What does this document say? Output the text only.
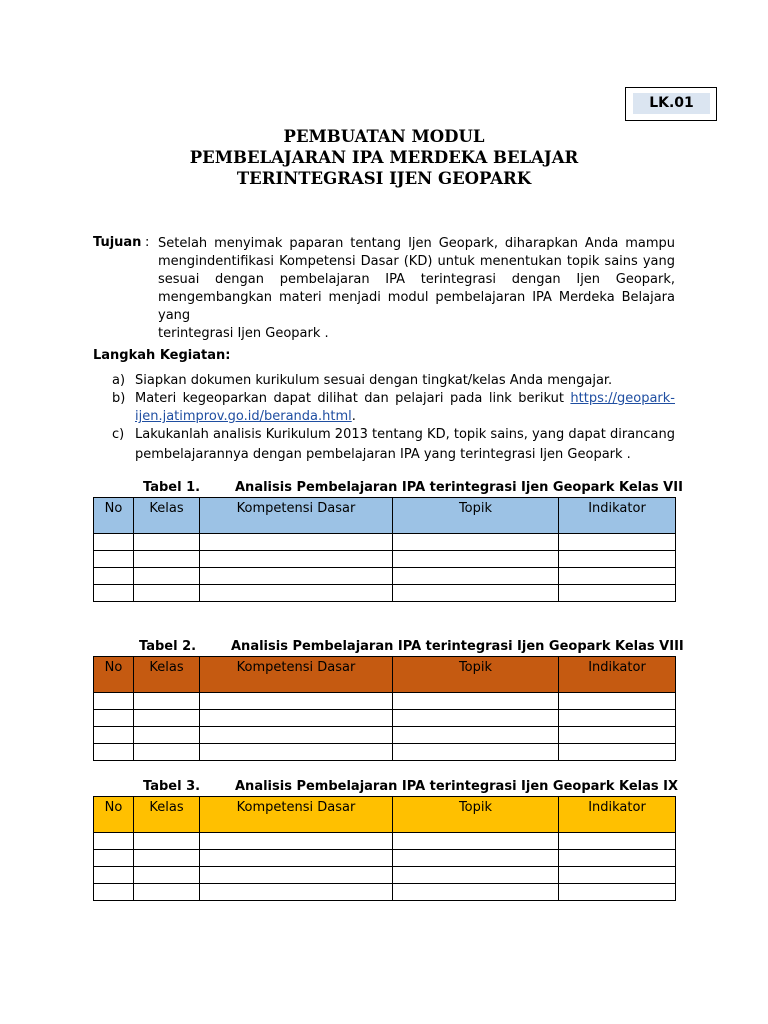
LK.01
PEMBUATAN MODUL
PEMBELAJARAN IPA MERDEKA BELAJAR
TERINTEGRASI IJEN GEOPARK
Tujuan : Setelah menyimak paparan tentang Ijen Geopark, diharapkan Anda mampu

mengindentifikasi Kompetensi Dasar (KD) untuk menentukan topik sains yang

sesuai dengan pembelajaran IPA terintegrasi dengan Ijen Geopark,

mengembangkan materi menjadi modul pembelajaran IPA Merdeka Belajara yang

terintegrasi Ijen Geopark .

Langkah Kegiatan:
a) Siapkan dokumen kurikulum sesuai dengan tingkat/kelas Anda mengajar.
b) Materi kegeoparkan dapat dilihat dan pelajari pada link berikut https://geopark-
ijen.jatimprov.go.id/beranda.html.
c) Lakukanlah analisis Kurikulum 2013 tentang KD, topik sains, yang dapat dirancang
pembelajarannya dengan pembelajaran IPA yang terintegrasi Ijen Geopark .
Tabel 1.	Analisis Pembelajaran IPA terintegrasi Ijen Geopark Kelas VII
No	Kelas	Kompetensi Dasar	Topik	Indikator

Tabel 2.	Analisis Pembelajaran IPA terintegrasi Ijen Geopark Kelas VIII
No	Kelas	Kompetensi Dasar	Topik	Indikator

Tabel 3.	Analisis Pembelajaran IPA terintegrasi Ijen Geopark Kelas IX
No	Kelas	Kompetensi Dasar	Topik	Indikator
